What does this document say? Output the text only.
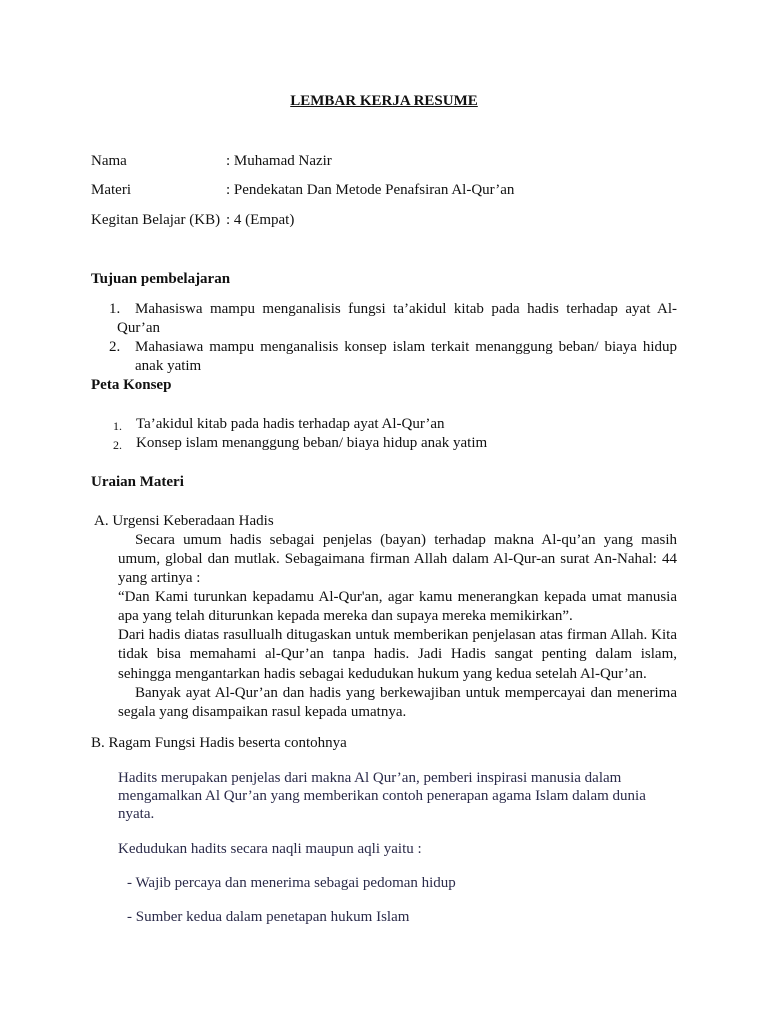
LEMBAR KERJA RESUME
Nama	: Muhamad Nazir
Materi	: Pendekatan Dan Metode Penafsiran Al-Qur’an
Kegitan Belajar (KB) : 4 (Empat)
Tujuan pembelajaran
1. Mahasiswa mampu menganalisis fungsi ta’akidul kitab pada hadis terhadap ayat Al-
Qur’an
2. Mahasiawa mampu menganalisis konsep islam terkait menanggung beban/ biaya hidup
anak yatim
Peta Konsep
1. Ta’akidul kitab pada hadis terhadap ayat Al-Qur’an
2. Konsep islam menanggung beban/ biaya hidup anak yatim
Uraian Materi
A. Urgensi Keberadaan Hadis
Secara umum hadis sebagai penjelas (bayan) terhadap makna Al-qu’an yang masih
umum, global dan mutlak. Sebagaimana firman Allah dalam Al-Qur-an surat An-Nahal: 44
yang artinya :
“Dan Kami turunkan kepadamu Al-Qur'an, agar kamu menerangkan kepada umat manusia
apa yang telah diturunkan kepada mereka dan supaya mereka memikirkan”.
Dari hadis diatas rasullualh ditugaskan untuk memberikan penjelasan atas firman Allah. Kita
tidak bisa memahami al-Qur’an tanpa hadis. Jadi Hadis sangat penting dalam islam,
sehingga mengantarkan hadis sebagai kedudukan hukum yang kedua setelah Al-Qur’an.
Banyak ayat Al-Qur’an dan hadis yang berkewajiban untuk mempercayai dan menerima
segala yang disampaikan rasul kepada umatnya.
B. Ragam Fungsi Hadis beserta contohnya
Hadits merupakan penjelas dari makna Al Qur’an, pemberi inspirasi manusia dalam
mengamalkan Al Qur’an yang memberikan contoh penerapan agama Islam dalam dunia
nyata.
Kedudukan hadits secara naqli maupun aqli yaitu :
- Wajib percaya dan menerima sebagai pedoman hidup
- Sumber kedua dalam penetapan hukum Islam
